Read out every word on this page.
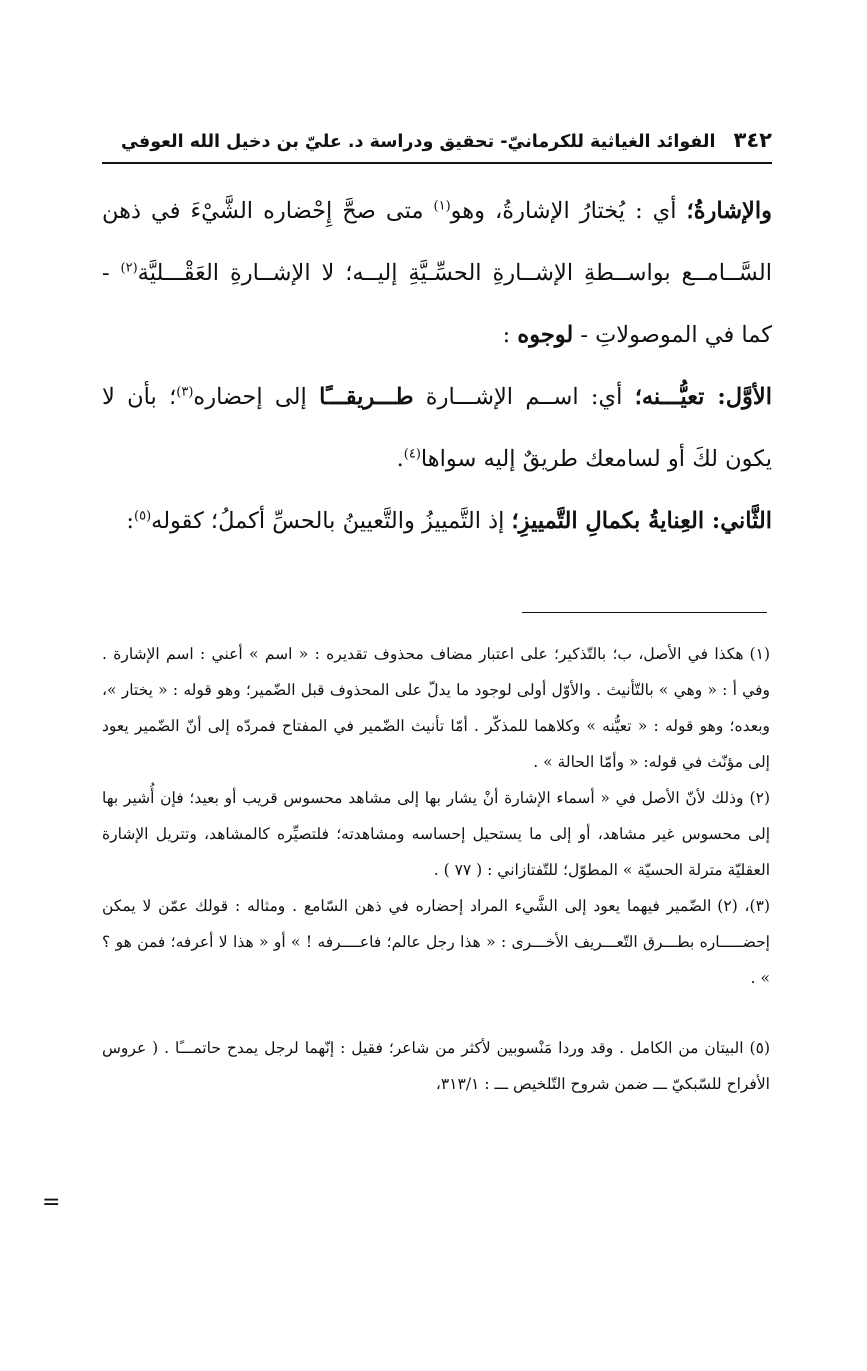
٣٤٢ الفوائد الغياثية للكرمانيّ- تحقيق ودراسة د. عليّ بن دخيل الله العوفي

والإشارةُ؛ أي : يُختارُ الإشارةُ، وهو( $^١$ ) متى صحَّ إِحْضاره الشَّيْءَ في ذهن السَّــامــع بواســطةِ الإشــارةِ الحسِّـيَّةِ إليــه؛ لا الإشــارةِ العَقْـــليَّة( $^٢$ ) - كما في الموصولاتِ - لوجوه :

الأوَّل: تعيُّـــنه؛ أي: اســم الإشـــارة طـــريقـــًا إلى إحضاره( $^٣$ )؛ بأن لا يكون لكَ أو لسامعك طريقٌ إليه سواها( $^٤$ ).

الثَّاني: العِنايةُ بكمالِ التَّمييزِ؛ إذ التَّمييزُ والتَّعيينُ بالحسِّ أكملُ؛ كقوله( $^٥$ ):

(١)هكذا في الأصل، ب؛ بالتّذكير؛ على اعتبار مضاف محذوف تقديره : « اسم » أعني : اسم الإشارة . وفي أ : « وهي » بالتّأنيث . والأوّل أولى لوجود ما يدلّ على المحذوف قبل الضّمير؛ وهو قوله : « يختار »، وبعده؛ وهو قوله : « تعيُّنه » وكلاهما للمذكّر . أمّا تأنيث الضّمير في المفتاح فمردّه إلى أنّ الضّمير يعود إلى مؤنّث في قوله: « وأمّا الحالة » .

(٢)وذلك لأنّ الأصل في « أسماء الإشارة أنْ يشار بها إلى مشاهد محسوس قريب أو بعيد؛ فإن أُشير بها إلى محسوس غير مشاهد، أو إلى ما يستحيل إحساسه ومشاهدته؛ فلتصيِّره كالمشاهد، وتتريل الإشارة العقليّة مترلة الحسيّة » المطوّل؛ للتّفتازاني : ( ٧٧ ) .

(٣)، (٢)الضّمير فيهما يعود إلى الشَّيء المراد إحضاره في ذهن السّامع . ومثاله : قولك عمّن لا يمكن إحضـــــاره بطـــرق التّعـــريف الأخـــرى : « هذا رجل عالم؛ فاعــــرفه ! » أو « هذا لا أعرفه؛ فمن هو ؟ » .

(٥)البيتان من الكامل . وقد وردا مَنْسوبين لأكثر من شاعر؛ فقيل : إنّهما لرجل يمدح حاتمـــًا . ( عروس الأفراح للسّبكيّ ـــ ضمن شروح التّلخيص ـــ : ٣١٣/١،

=
